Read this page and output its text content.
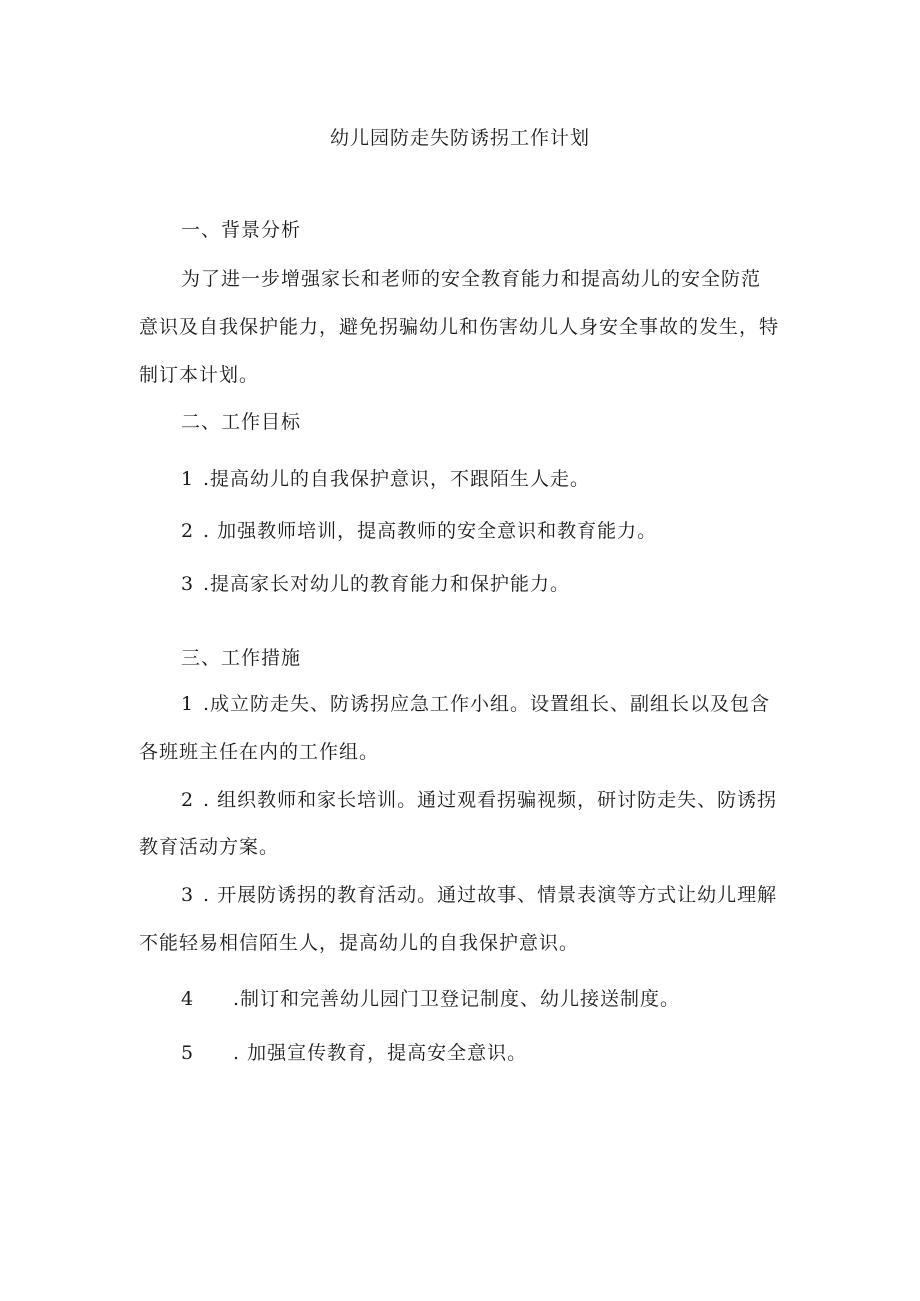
幼儿园防走失防诱拐工作计划
一、背景分析
为了进一步增强家长和老师的安全教育能力和提高幼儿的安全防范
意识及自我保护能力，避免拐骗幼儿和伤害幼儿人身安全事故的发生，特
制订本计划。
二、工作目标
1 .提高幼儿的自我保护意识，不跟陌生人走。
2 . 加强教师培训，提高教师的安全意识和教育能力。
3 .提高家长对幼儿的教育能力和保护能力。
三、工作措施
1 .成立防走失、防诱拐应急工作小组。设置组长、副组长以及包含
各班班主任在内的工作组。
2 . 组织教师和家长培训。通过观看拐骗视频，研讨防走失、防诱拐
教育活动方案。
3 . 开展防诱拐的教育活动。通过故事、情景表演等方式让幼儿理解
不能轻易相信陌生人，提高幼儿的自我保护意识。
4 .制订和完善幼儿园门卫登记制度、幼儿接送制度。
5 . 加强宣传教育，提高安全意识。
